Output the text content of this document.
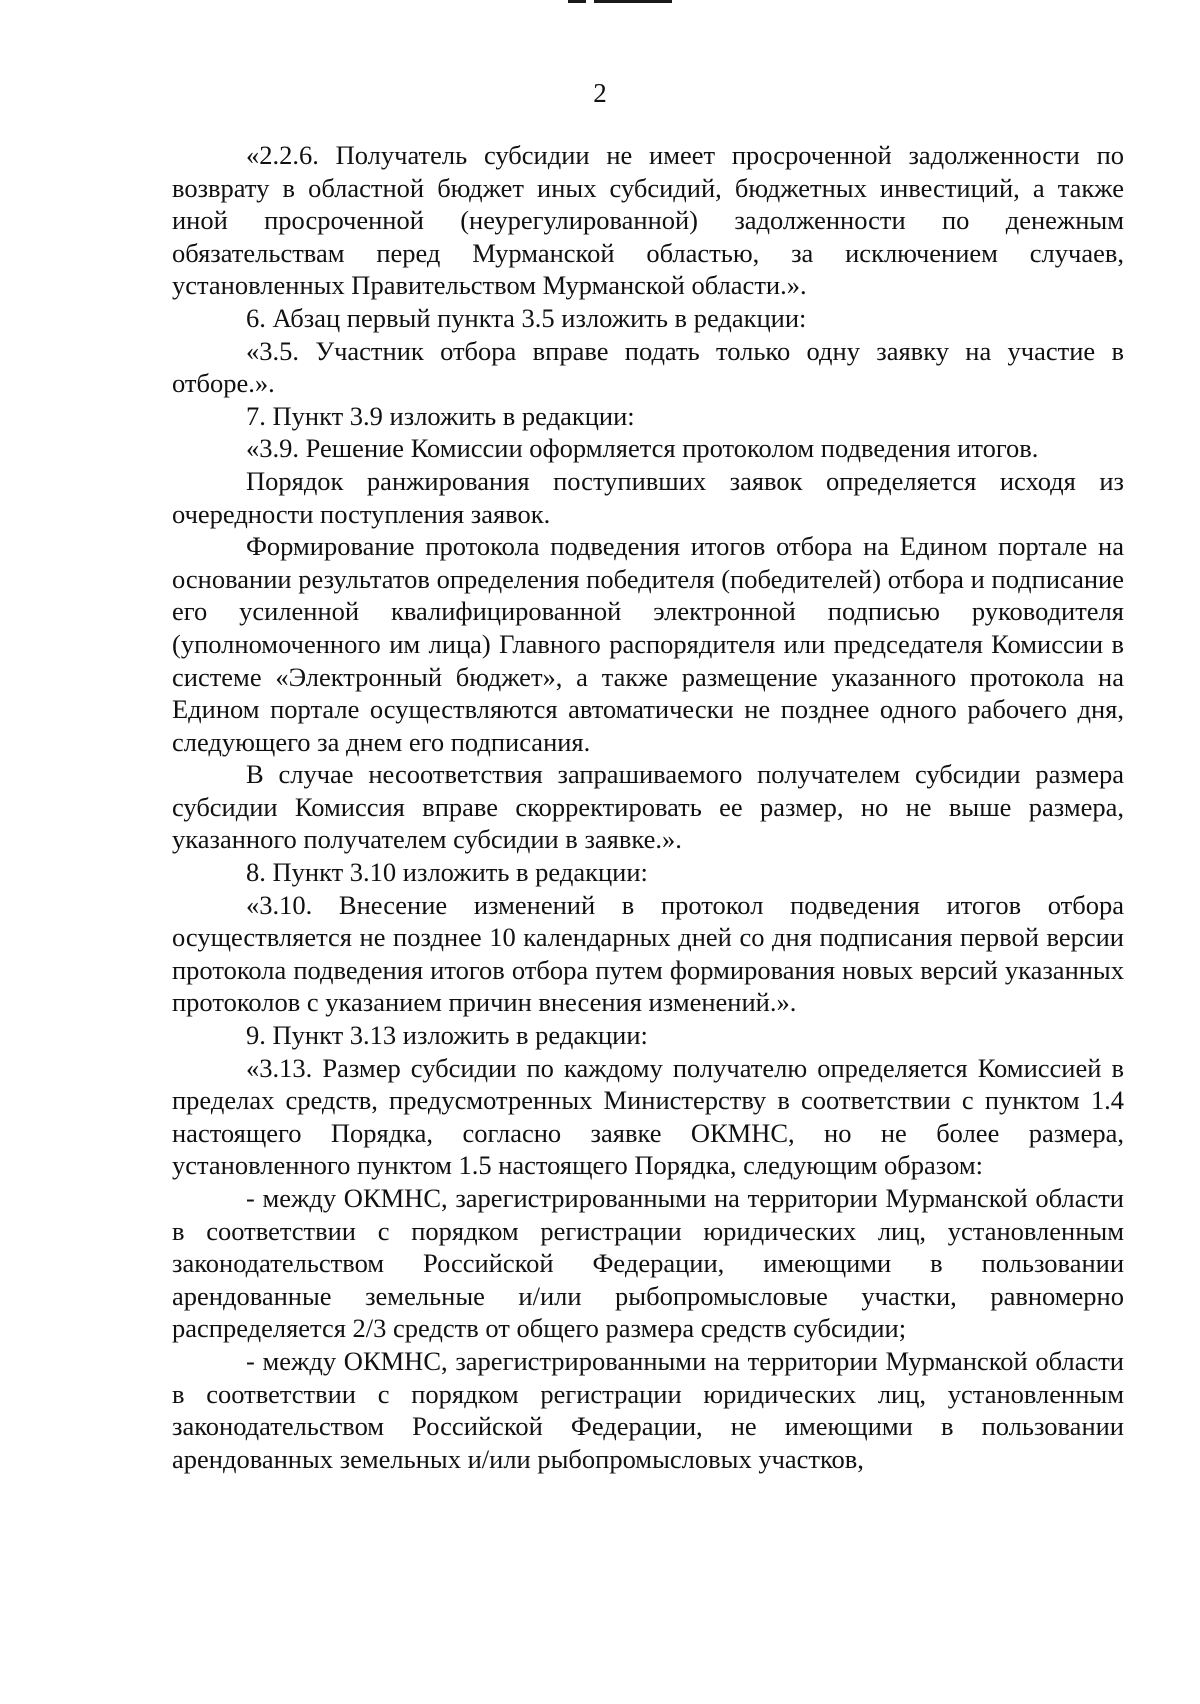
2

«2.2.6. Получатель субсидии не имеет просроченной задолженности по возврату в областной бюджет иных субсидий, бюджетных инвестиций, а также иной просроченной (неурегулированной) задолженности по денежным обязательствам перед Мурманской областью, за исключением случаев, установленных Правительством Мурманской области.».

6. Абзац первый пункта 3.5 изложить в редакции:

«3.5. Участник отбора вправе подать только одну заявку на участие в отборе.».

7. Пункт 3.9 изложить в редакции:

«3.9. Решение Комиссии оформляется протоколом подведения итогов.

Порядок ранжирования поступивших заявок определяется исходя из очередности поступления заявок.

Формирование протокола подведения итогов отбора на Едином портале на основании результатов определения победителя (победителей) отбора и подписание его усиленной квалифицированной электронной подписью руководителя (уполномоченного им лица) Главного распорядителя или председателя Комиссии в системе «Электронный бюджет», а также размещение указанного протокола на Едином портале осуществляются автоматически не позднее одного рабочего дня, следующего за днем его подписания.

В случае несоответствия запрашиваемого получателем субсидии размера субсидии Комиссия вправе скорректировать ее размер, но не выше размера, указанного получателем субсидии в заявке.».

8. Пункт 3.10 изложить в редакции:

«3.10. Внесение изменений в протокол подведения итогов отбора осуществляется не позднее 10 календарных дней со дня подписания первой версии протокола подведения итогов отбора путем формирования новых версий указанных протоколов с указанием причин внесения изменений.».

9. Пункт 3.13 изложить в редакции:

«3.13. Размер субсидии по каждому получателю определяется Комиссией в пределах средств, предусмотренных Министерству в соответствии с пунктом 1.4 настоящего Порядка, согласно заявке ОКМНС, но не более размера, установленного пунктом 1.5 настоящего Порядка, следующим образом:

- между ОКМНС, зарегистрированными на территории Мурманской области в соответствии с порядком регистрации юридических лиц, установленным законодательством Российской Федерации, имеющими в пользовании арендованные земельные и/или рыбопромысловые участки, равномерно распределяется 2/3 средств от общего размера средств субсидии;

- между ОКМНС, зарегистрированными на территории Мурманской области в соответствии с порядком регистрации юридических лиц, установленным законодательством Российской Федерации, не имеющими в пользовании арендованных земельных и/или рыбопромысловых участков,
